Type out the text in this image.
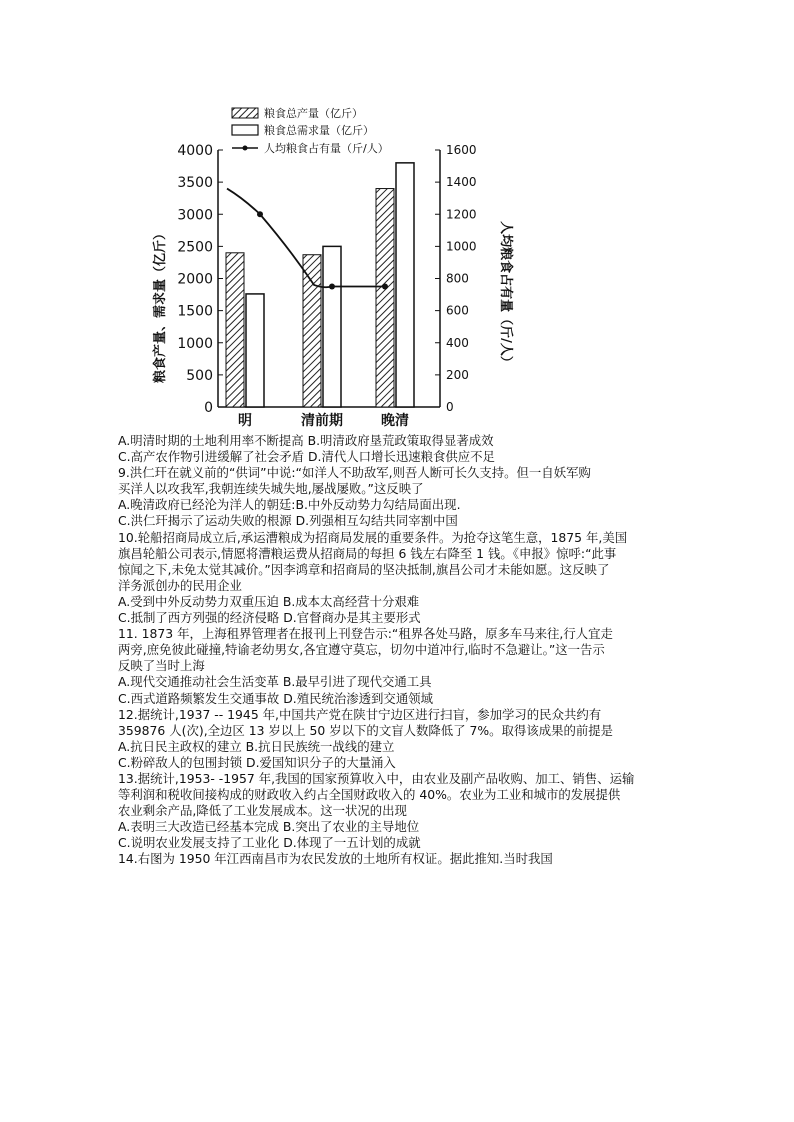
粮食总产量（亿斤）
粮食总需求量（亿斤）
人均粮食占有量（斤/人）
0
500
1000
1500
2000
2500
3000
3500
4000
0
200
400
600
800
1000
1200
1400
1600
明	清前期	晚清
粮食产量、需求量（亿斤）	人均粮食占有量（斤/人）
A.明清时期的土地利用率不断提高 B.明清政府垦荒政策取得显著成效
C.高产农作物引进缓解了社会矛盾 D.清代人口增长迅速粮食供应不足
9.洪仁玕在就义前的“供词”中说:“如洋人不助敌军,则吾人断可长久支持。但一自妖军购
买洋人以攻我军,我朝连续失城失地,屡战屡败。”这反映了
A.晚清政府已经沦为洋人的朝廷:B.中外反动势力勾结局面出现.
C.洪仁玕揭示了运动失败的根源 D.列强相互勾结共同宰割中国
10.轮船招商局成立后,承运漕粮成为招商局发展的重要条件。为抢夺这笔生意，1875 年,美国
旗昌轮船公司表示,情愿将漕粮运费从招商局的每担 6 钱左右降至 1 钱。《申报》惊呼:“此事
惊闻之下,未免太觉其减价。”因李鸿章和招商局的坚决抵制,旗昌公司才未能如愿。这反映了
洋务派创办的民用企业
A.受到中外反动势力双重压迫 B.成本太高经营十分艰难
C.抵制了西方列强的经济侵略 D.官督商办是其主要形式
11. 1873 年，上海租界管理者在报刊上刊登告示:“租界各处马路，原多车马来往,行人宜走
两旁,庶免彼此碰撞,特谕老幼男女,各宜遵守莫忘，切勿中道冲行,临时不急避让。”这一告示
反映了当时上海
A.现代交通推动社会生活变革 B.最早引进了现代交通工具
C.西式道路频繁发生交通事故 D.殖民统治渗透到交通领域
12.据统计,1937 -- 1945 年,中国共产党在陕甘宁边区进行扫盲，参加学习的民众共约有
359876 人(次),全边区 13 岁以上 50 岁以下的文盲人数降低了 7%。取得该成果的前提是
A.抗日民主政权的建立 B.抗日民族统一战线的建立
C.粉碎敌人的包围封锁 D.爱国知识分子的大量涌入
13.据统计,1953- -1957 年,我国的国家预算收入中，由农业及副产品收购、加工、销售、运输
等利润和税收间接构成的财政收入约占全国财政收入的 40%。农业为工业和城市的发展提供
农业剩余产品,降低了工业发展成本。这一状况的出现
A.表明三大改造已经基本完成 B.突出了农业的主导地位
C.说明农业发展支持了工业化 D.体现了一五计划的成就
14.右图为 1950 年江西南昌市为农民发放的土地所有权证。据此推知.当时我国
